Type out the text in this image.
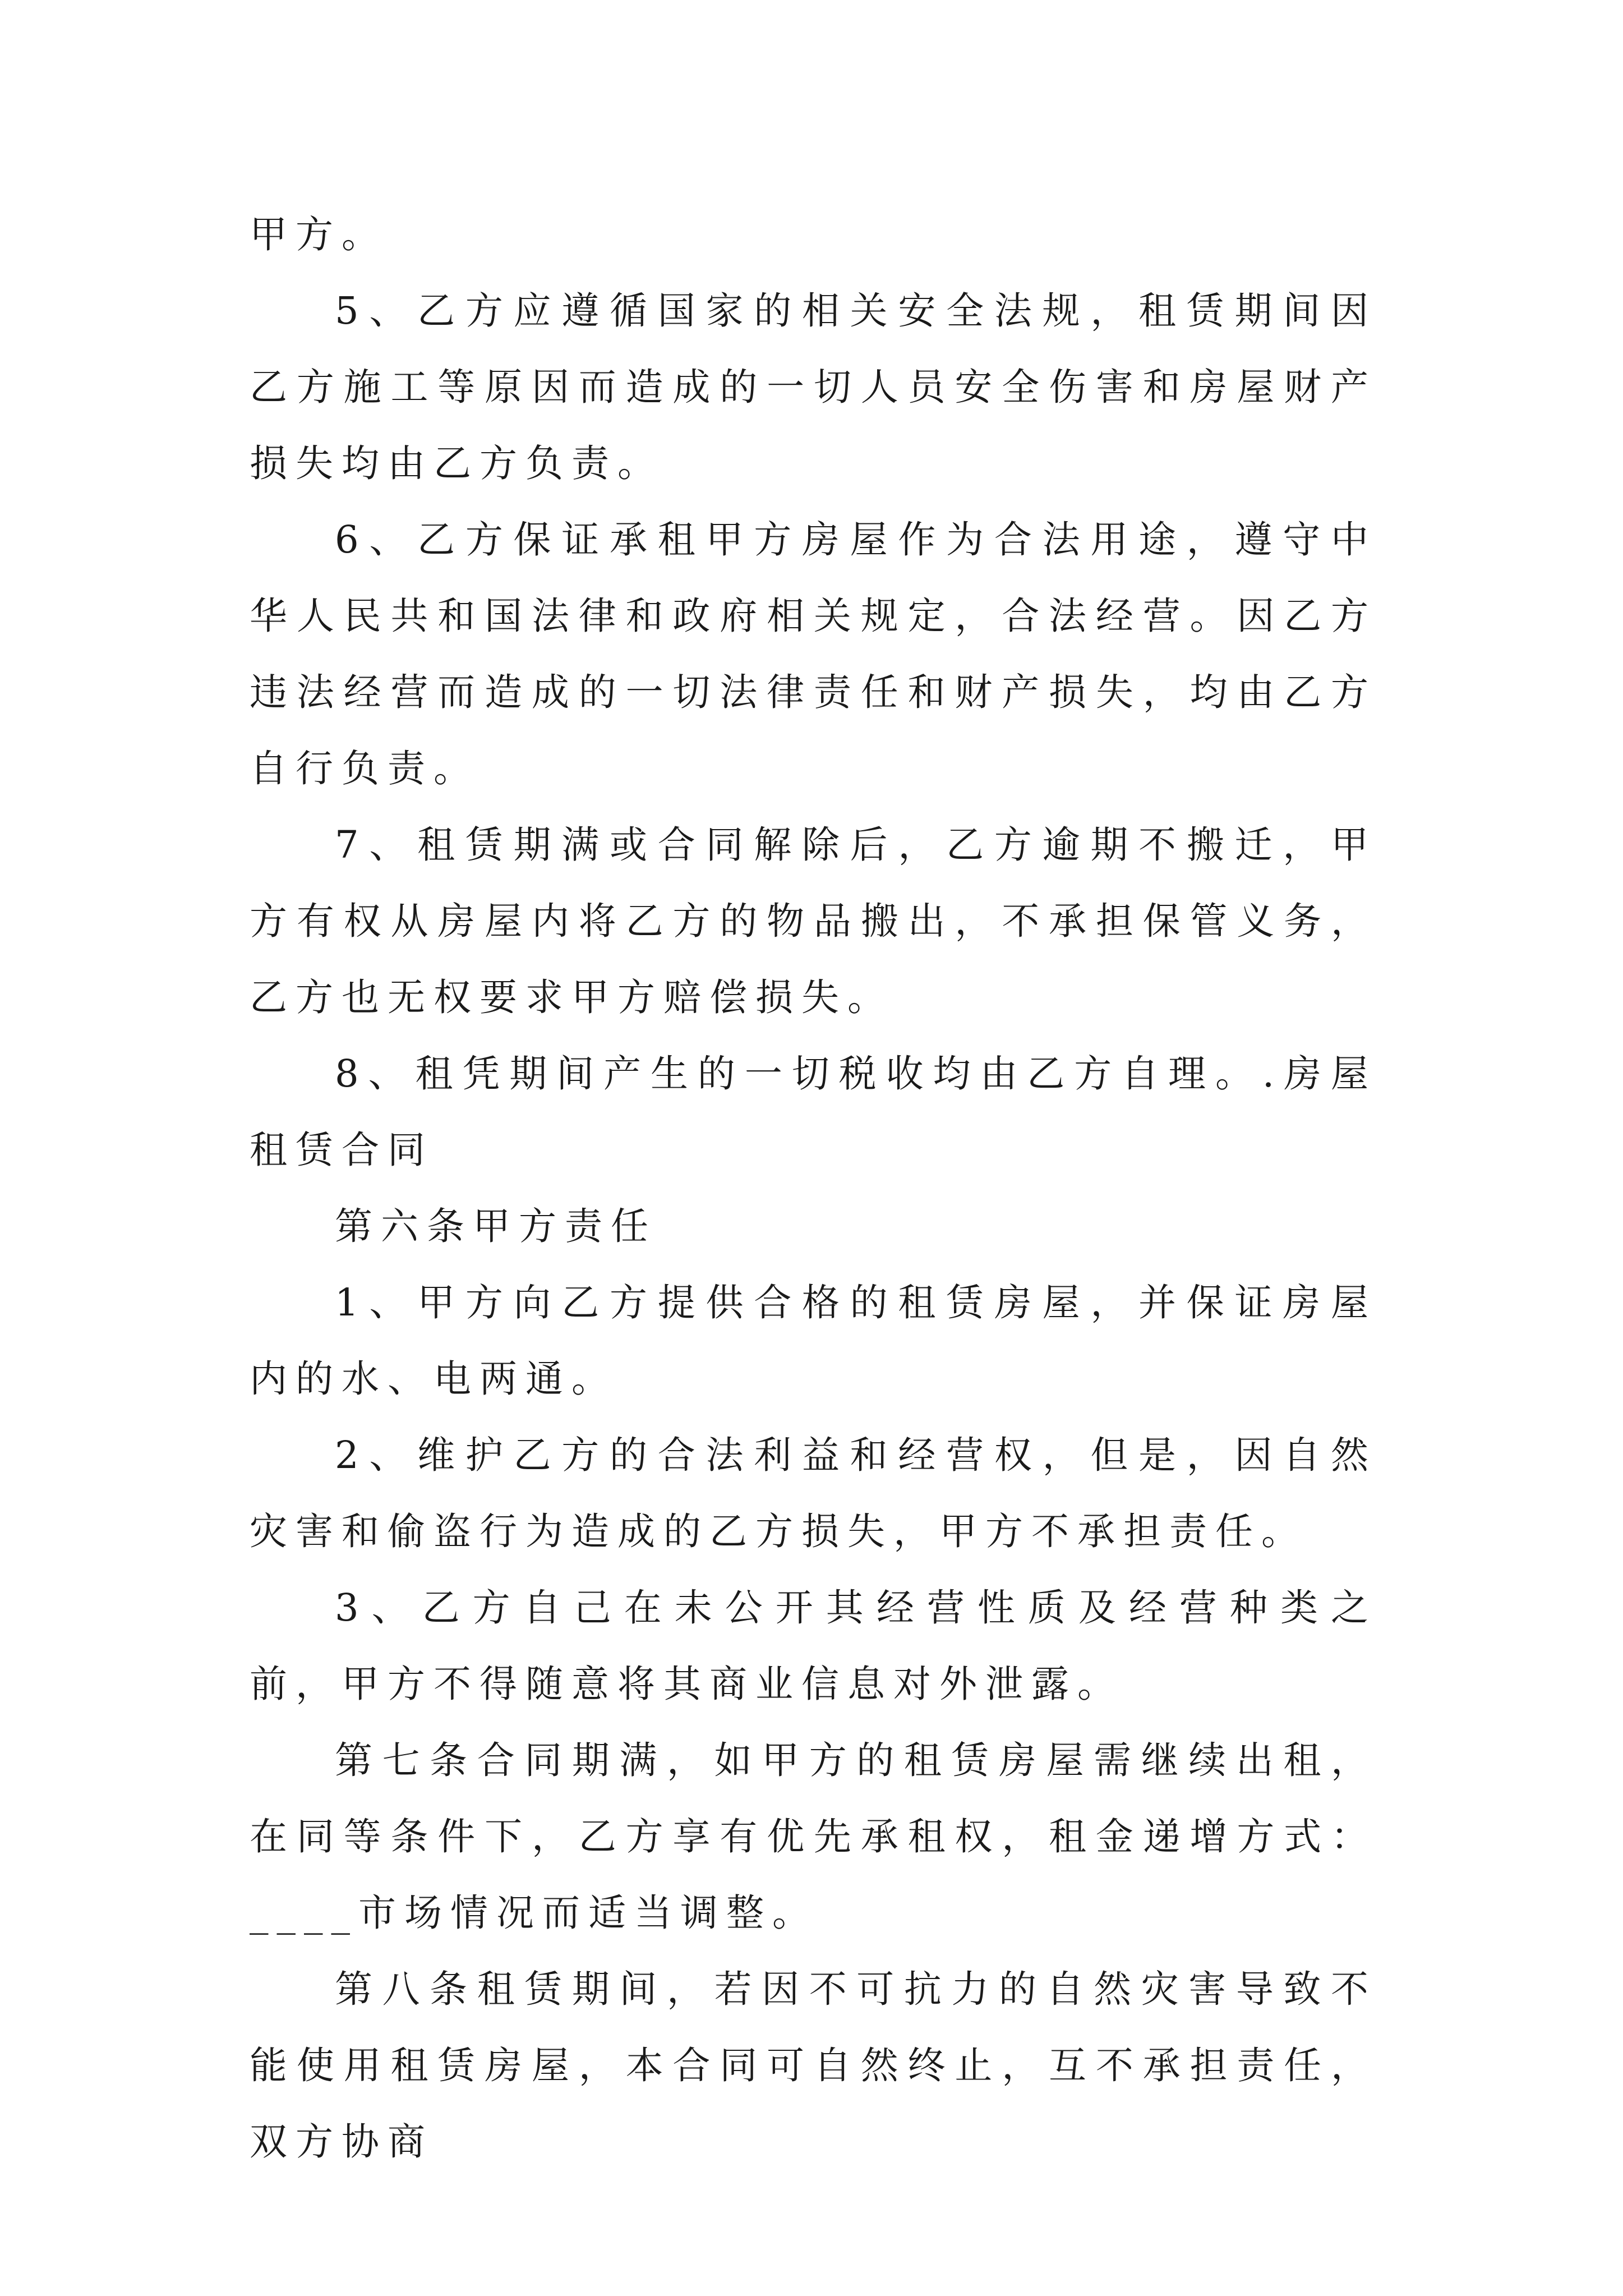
甲方。

5、乙方应遵循国家的相关安全法规，租赁期间因乙方施工等原因而造成的一切人员安全伤害和房屋财产损失均由乙方负责。

6、乙方保证承租甲方房屋作为合法用途，遵守中华人民共和国法律和政府相关规定，合法经营。因乙方违法经营而造成的一切法律责任和财产损失，均由乙方自行负责。

7、租赁期满或合同解除后，乙方逾期不搬迁，甲方有权从房屋内将乙方的物品搬出，不承担保管义务，乙方也无权要求甲方赔偿损失。

8、租凭期间产生的一切税收均由乙方自理。.房屋租赁合同

第六条甲方责任

1、甲方向乙方提供合格的租赁房屋，并保证房屋内的水、电两通。

2、维护乙方的合法利益和经营权，但是，因自然灾害和偷盗行为造成的乙方损失，甲方不承担责任。

3、乙方自己在未公开其经营性质及经营种类之前，甲方不得随意将其商业信息对外泄露。

第七条合同期满，如甲方的租赁房屋需继续出租，在同等条件下，乙方享有优先承租权，租金递增方式：____市场情况而适当调整。

第八条租赁期间，若因不可抗力的自然灾害导致不能使用租赁房屋，本合同可自然终止，互不承担责任，双方协商
